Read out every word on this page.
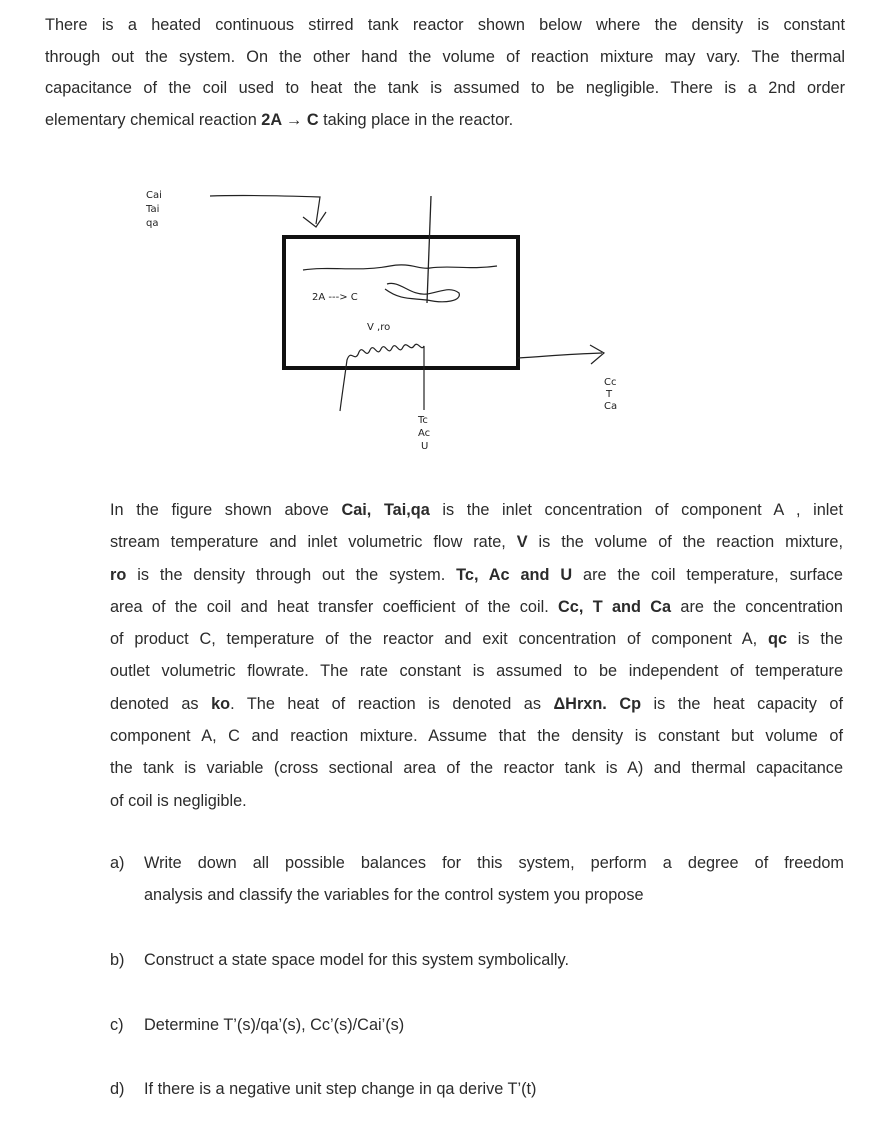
There is a heated continuous stirred tank reactor shown below where the density is constant
through out the system. On the other hand the volume of reaction mixture may vary. The thermal
capacitance of the coil used to heat the tank is assumed to be negligible. There is a 2nd order
elementary chemical reaction 2A → C taking place in the reactor.
Cai
Tai
qa
2A ---> C
V ,ro
Cc
T
Ca
Tc
Ac
U
In the figure shown above Cai, Tai,qa is the inlet concentration of component A , inlet
stream temperature and inlet volumetric flow rate, V is the volume of the reaction mixture,
ro is the density through out the system. Tc, Ac and U are the coil temperature, surface
area of the coil and heat transfer coefficient of the coil. Cc, T and Ca are the concentration
of product C, temperature of the reactor and exit concentration of component A, qc is the
outlet volumetric flowrate. The rate constant is assumed to be independent of temperature
denoted as ko. The heat of reaction is denoted as ΔHrxn. Cp is the heat capacity of
component A, C and reaction mixture. Assume that the density is constant but volume of
the tank is variable (cross sectional area of the reactor tank is A) and thermal capacitance
of coil is negligible.
a) Write down all possible balances for this system, perform a degree of freedom
analysis and classify the variables for the control system you propose
b) Construct a state space model for this system symbolically.
c) Determine T’(s)/qa’(s), Cc’(s)/Cai’(s)
d) If there is a negative unit step change in qa derive T’(t)
